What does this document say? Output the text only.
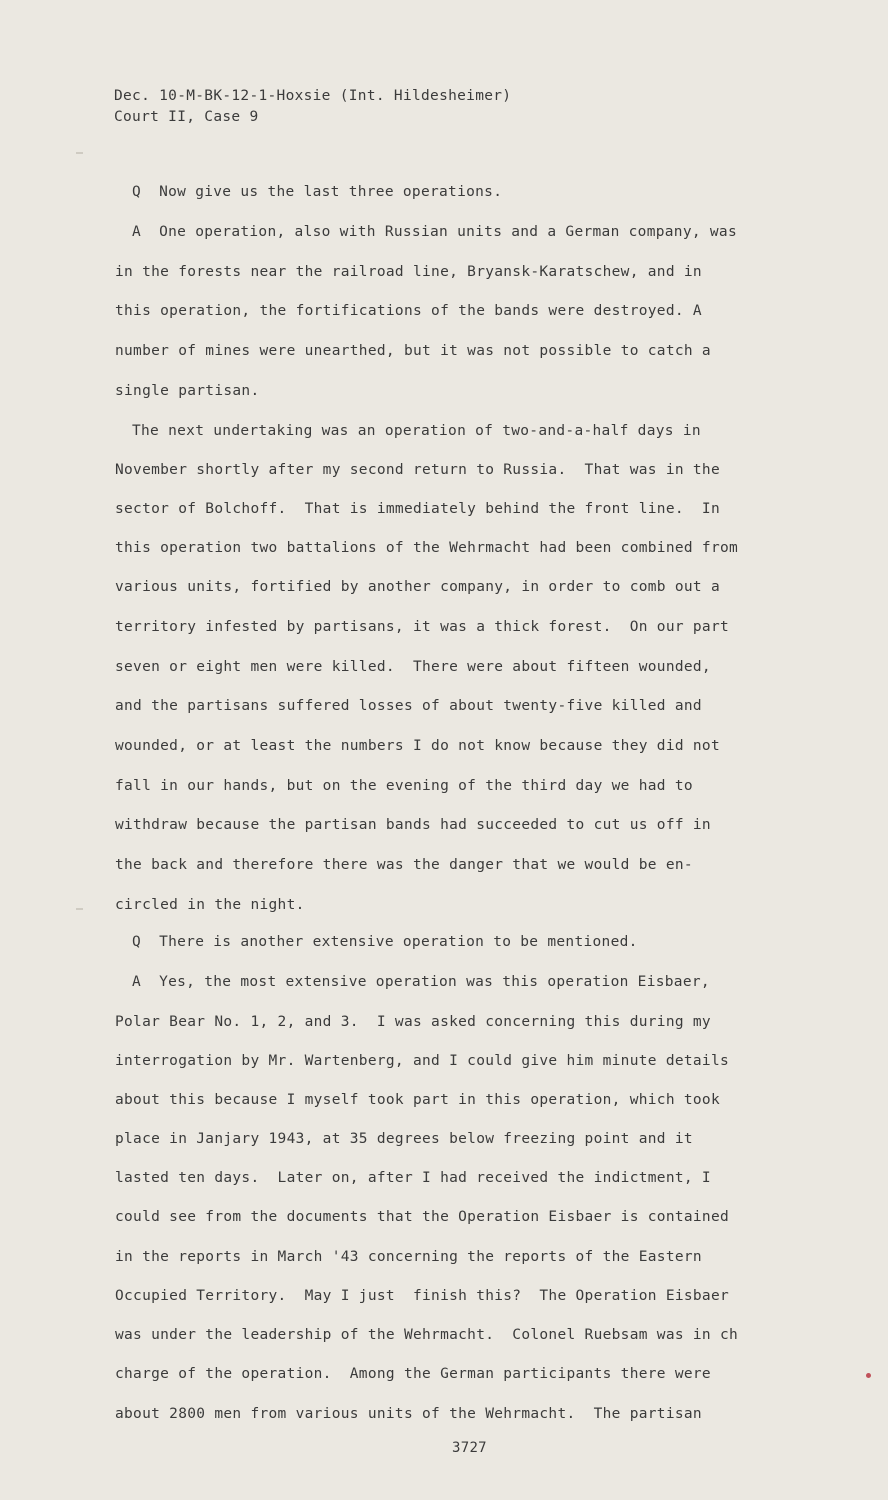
Dec. 10-M-BK-12-1-Hoxsie (Int. Hildesheimer)
Court II, Case 9
Q  Now give us the last three operations.
A  One operation, also with Russian units and a German company, was
in the forests near the railroad line, Bryansk-Karatschew, and in
this operation, the fortifications of the bands were destroyed. A
number of mines were unearthed, but it was not possible to catch a
single partisan.
The next undertaking was an operation of two-and-a-half days in
November shortly after my second return to Russia.  That was in the
sector of Bolchoff.  That is immediately behind the front line.  In
this operation two battalions of the Wehrmacht had been combined from
various units, fortified by another company, in order to comb out a
territory infested by partisans, it was a thick forest.  On our part
seven or eight men were killed.  There were about fifteen wounded,
and the partisans suffered losses of about twenty-five killed and
wounded, or at least the numbers I do not know because they did not
fall in our hands, but on the evening of the third day we had to
withdraw because the partisan bands had succeeded to cut us off in
the back and therefore there was the danger that we would be en-
circled in the night.
Q  There is another extensive operation to be mentioned.
A  Yes, the most extensive operation was this operation Eisbaer,
Polar Bear No. 1, 2, and 3.  I was asked concerning this during my
interrogation by Mr. Wartenberg, and I could give him minute details
about this because I myself took part in this operation, which took
place in Janjary 1943, at 35 degrees below freezing point and it
lasted ten days.  Later on, after I had received the indictment, I
could see from the documents that the Operation Eisbaer is contained
in the reports in March '43 concerning the reports of the Eastern
Occupied Territory.  May I just  finish this?  The Operation Eisbaer
was under the leadership of the Wehrmacht.  Colonel Ruebsam was in ch
charge of the operation.  Among the German participants there were
about 2800 men from various units of the Wehrmacht.  The partisan
3727
